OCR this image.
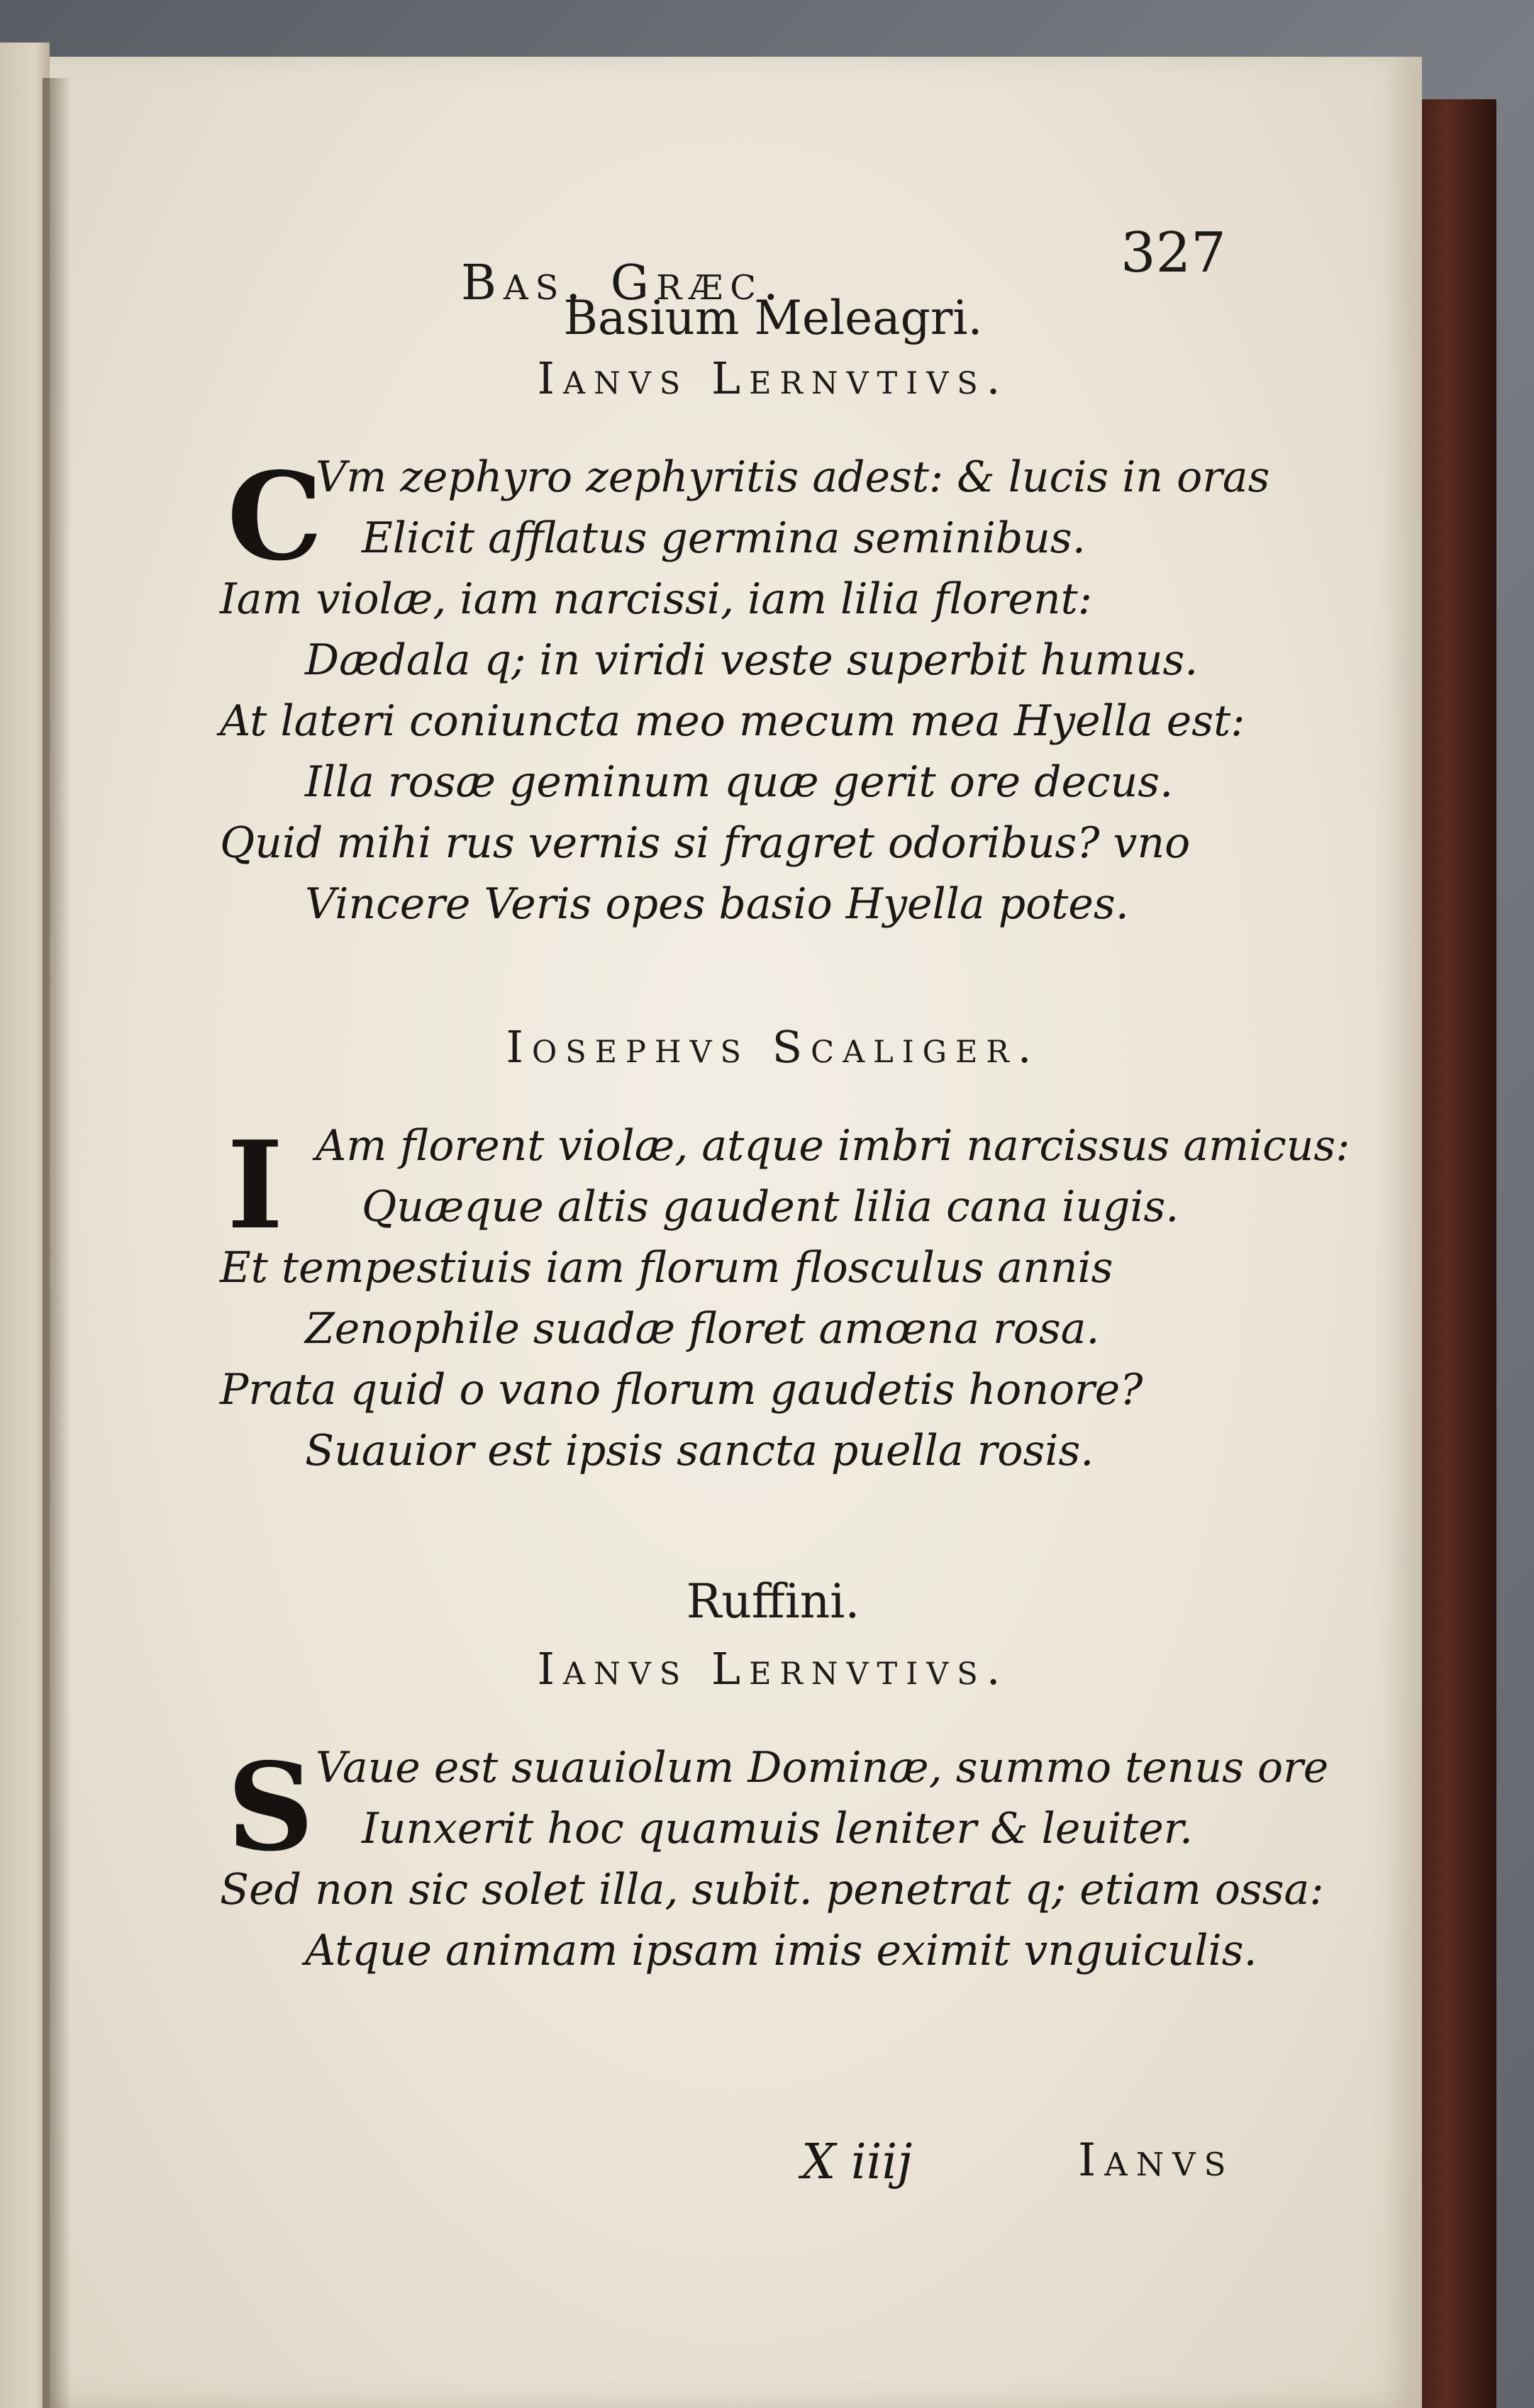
Bas. Græc.	327

Basium Meleagri.

Ianvs Lernvtivs.

C
Vm zephyro zephyritis adest: & lucis in oras
Elicit afflatus germina seminibus.
Iam violæ, iam narcissi, iam lilia florent:
Dædala q; in viridi veste superbit humus.
At lateri coniuncta meo mecum mea Hyella est:
Illa rosæ geminum quæ gerit ore decus.
Quid mihi rus vernis si fragret odoribus? vno
Vincere Veris opes basio Hyella potes.

Iosephvs Scaliger.

I Am florent violæ, atque imbri narcissus amicus:
Quæque altis gaudent lilia cana iugis.
Et tempestiuis iam florum flosculus annis
Zenophile suadæ floret amœna rosa.
Prata quid o vano florum gaudetis honore?
Suauior est ipsis sancta puella rosis.

Ruffini.

Ianvs Lernvtivs.

S Vaue est suauiolum Dominæ, summo tenus ore
Iunxerit hoc quamuis leniter & leuiter.
Sed non sic solet illa, subit. penetrat q; etiam ossa:
Atque animam ipsam imis eximit vnguiculis.
X iiij	Ianvs
